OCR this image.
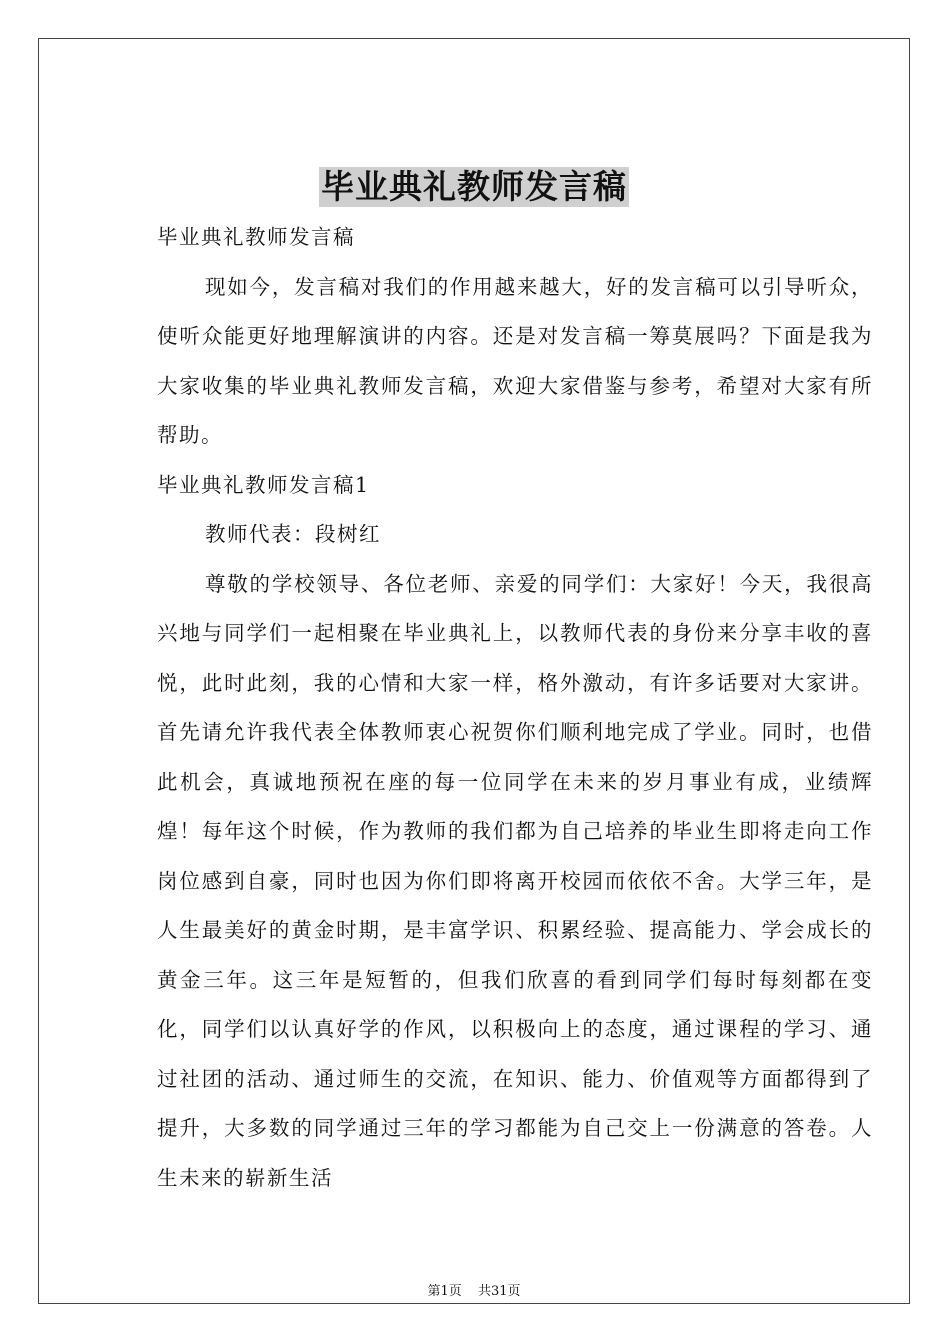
毕业典礼教师发言稿

毕业典礼教师发言稿

现如今，发言稿对我们的作用越来越大，好的发言稿可以引导听众，使听众能更好地理解演讲的内容。还是对发言稿一筹莫展吗？下面是我为大家收集的毕业典礼教师发言稿，欢迎大家借鉴与参考，希望对大家有所帮助。

毕业典礼教师发言稿1

教师代表：段树红

尊敬的学校领导、各位老师、亲爱的同学们：大家好！今天，我很高兴地与同学们一起相聚在毕业典礼上，以教师代表的身份来分享丰收的喜悦，此时此刻，我的心情和大家一样，格外激动，有许多话要对大家讲。首先请允许我代表全体教师衷心祝贺你们顺利地完成了学业。同时，也借此机会，真诚地预祝在座的每一位同学在未来的岁月事业有成，业绩辉煌！每年这个时候，作为教师的我们都为自己培养的毕业生即将走向工作岗位感到自豪，同时也因为你们即将离开校园而依依不舍。大学三年，是人生最美好的黄金时期，是丰富学识、积累经验、提高能力、学会成长的黄金三年。这三年是短暂的，但我们欣喜的看到同学们每时每刻都在变化，同学们以认真好学的作风，以积极向上的态度，通过课程的学习、通过社团的活动、通过师生的交流，在知识、能力、价值观等方面都得到了提升，大多数的同学通过三年的学习都能为自己交上一份满意的答卷。人生未来的崭新生活

第1页 共31页
